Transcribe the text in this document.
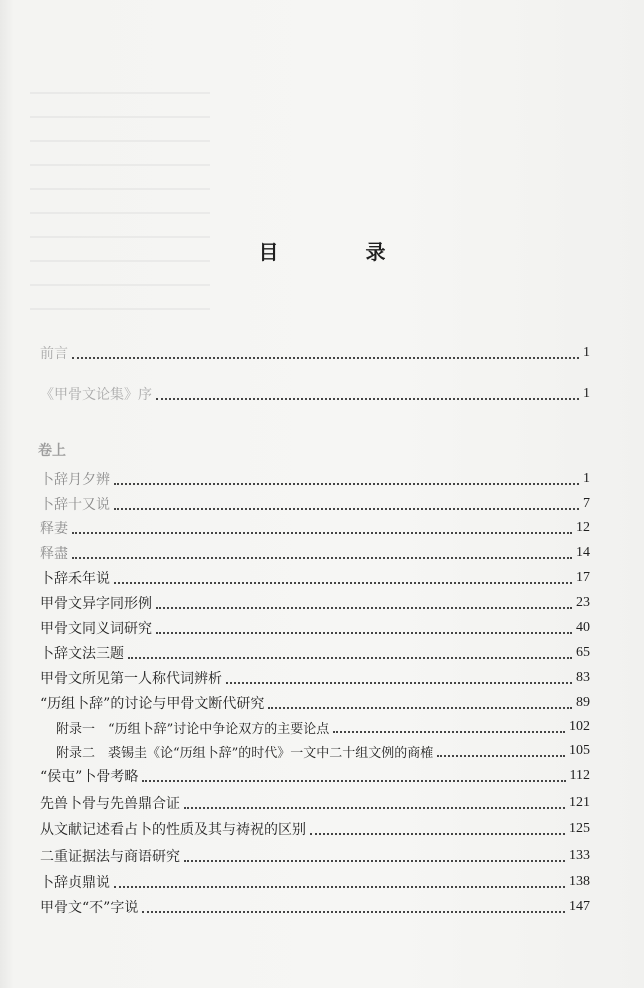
目 录
前言	1
《甲骨文论集》序	1
卷上
卜辞月夕辨	1
卜辞十又说	7
释妻	12
释盡	14
卜辞禾年说	17
甲骨文异字同形例	23
甲骨文同义词研究	40
卜辞文法三题	65
甲骨文所见第一人称代词辨析	83
“历组卜辞”的讨论与甲骨文断代研究	89
附录一　“历组卜辞”讨论中争论双方的主要论点	102
附录二　裘锡圭《论“历组卜辞”的时代》一文中二十组文例的商榷	105
“侯屯”卜骨考略	112
先兽卜骨与先兽鼎合证	121
从文献记述看占卜的性质及其与祷祝的区别	125
二重证据法与商语研究	133
卜辞贞鼎说	138
甲骨文“不”字说	147
